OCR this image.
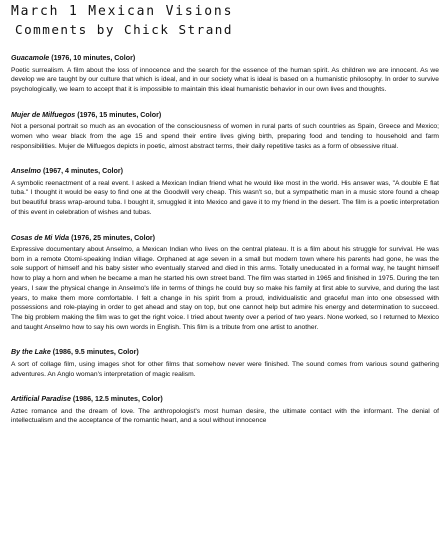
March 1 Mexican Visions
Comments by Chick Strand
Guacamole (1976, 10 minutes, Color)
Poetic surrealism. A film about the loss of innocence and the search for the essence of the human spirit. As children we are innocent. As we develop we are taught by our culture that which is ideal, and in our society what is ideal is based on a humanistic philosophy. In order to survive psychologically, we learn to accept that it is impossible to maintain this ideal humanistic behavior in our own lives and thoughts.
Mujer de Milfuegos (1976, 15 minutes, Color)
Not a personal portrait so much as an evocation of the consciousness of women in rural parts of such countries as Spain, Greece and Mexico; women who wear black from the age 15 and spend their entire lives giving birth, preparing food and tending to household and farm responsibilities. Mujer de Milfuegos depicts in poetic, almost abstract terms, their daily repetitive tasks as a form of obsessive ritual.
Anselmo (1967, 4 minutes, Color)
A symbolic reenactment of a real event. I asked a Mexican Indian friend what he would like most in the world. His answer was, "A double E flat tuba." I thought it would be easy to find one at the Goodwill very cheap. This wasn't so, but a sympathetic man in a music store found a cheap but beautiful brass wrap-around tuba. I bought it, smuggled it into Mexico and gave it to my friend in the desert. The film is a poetic interpretation of this event in celebration of wishes and tubas.
Cosas de Mi Vida (1976, 25 minutes, Color)
Expressive documentary about Anselmo, a Mexican Indian who lives on the central plateau. It is a film about his struggle for survival. He was born in a remote Otomi-speaking Indian village. Orphaned at age seven in a small but modern town where his parents had gone, he was the sole support of himself and his baby sister who eventually starved and died in this arms. Totally uneducated in a formal way, he taught himself how to play a horn and when he became a man he started his own street band. The film was started in 1965 and finished in 1975. During the ten years, I saw the physical change in Anselmo's life in terms of things he could buy so make his family at first able to survive, and during the last years, to make them more comfortable. I felt a change in his spirit from a proud, individualistic and graceful man into one obsessed with possessions and role-playing in order to get ahead and stay on top, but one cannot help but admire his energy and determination to succeed. The big problem making the film was to get the right voice. I tried about twenty over a period of two years. None worked, so I returned to Mexico and taught Anselmo how to say his own words in English. This film is a tribute from one artist to another.
By the Lake (1986, 9.5 minutes, Color)
A sort of collage film, using images shot for other films that somehow never were finished. The sound comes from various sound gathering adventures. An Anglo woman's interpretation of magic realism.
Artificial Paradise (1986, 12.5 minutes, Color)
Aztec romance and the dream of love. The anthropologist's most human desire, the ultimate contact with the informant. The denial of intellectualism and the acceptance of the romantic heart, and a soul without innocence
